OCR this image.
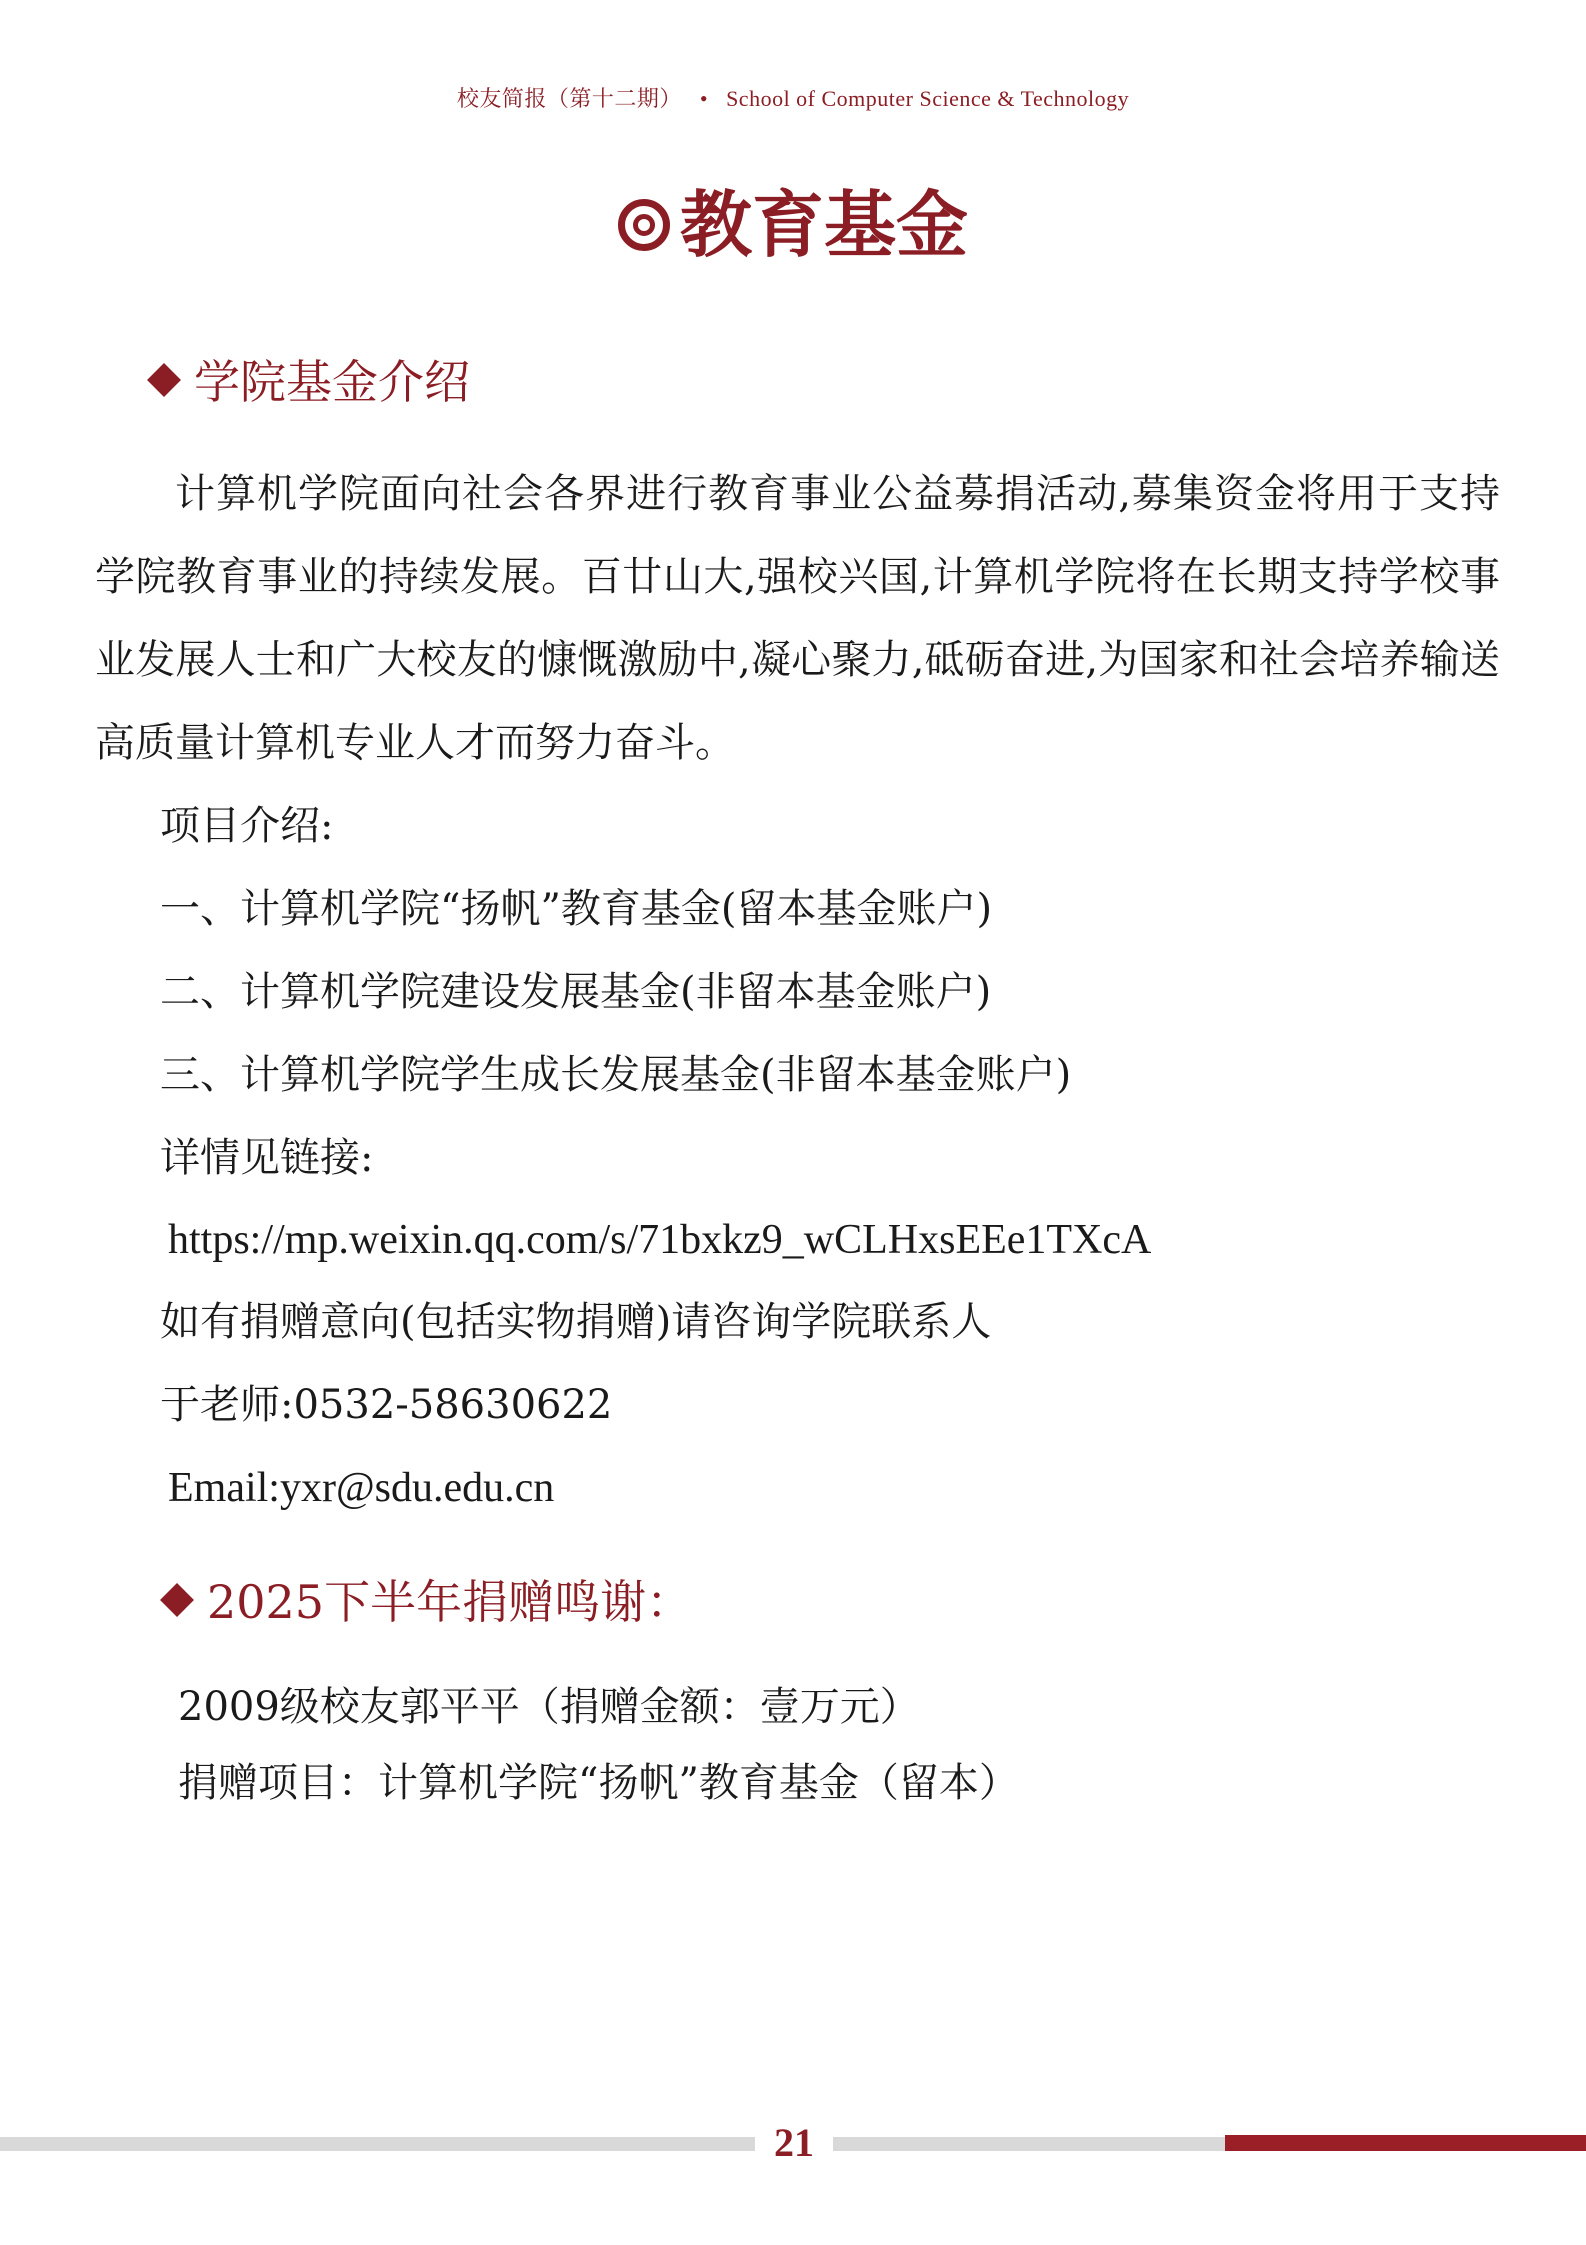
校友简报（第十二期） • School of Computer Science & Technology
教育基金
学院基金介绍
计算机学院面向社会各界进行教育事业公益募捐活动,募集资金将用于支持学院教育事业的持续发展。百廿山大,强校兴国,计算机学院将在长期支持学校事业发展人士和广大校友的慷慨激励中,凝心聚力,砥砺奋进,为国家和社会培养输送高质量计算机专业人才而努力奋斗。
项目介绍:
一、计算机学院“扬帆”教育基金(留本基金账户)
二、计算机学院建设发展基金(非留本基金账户)
三、计算机学院学生成长发展基金(非留本基金账户)
详情见链接:
https://mp.weixin.qq.com/s/71bxkz9_wCLHxsEEe1TXcA
如有捐赠意向(包括实物捐赠)请咨询学院联系人
于老师:0532-58630622
Email:yxr@sdu.edu.cn
2025下半年捐赠鸣谢：
2009级校友郭平平（捐赠金额：壹万元）
捐赠项目：计算机学院“扬帆”教育基金（留本）
21
